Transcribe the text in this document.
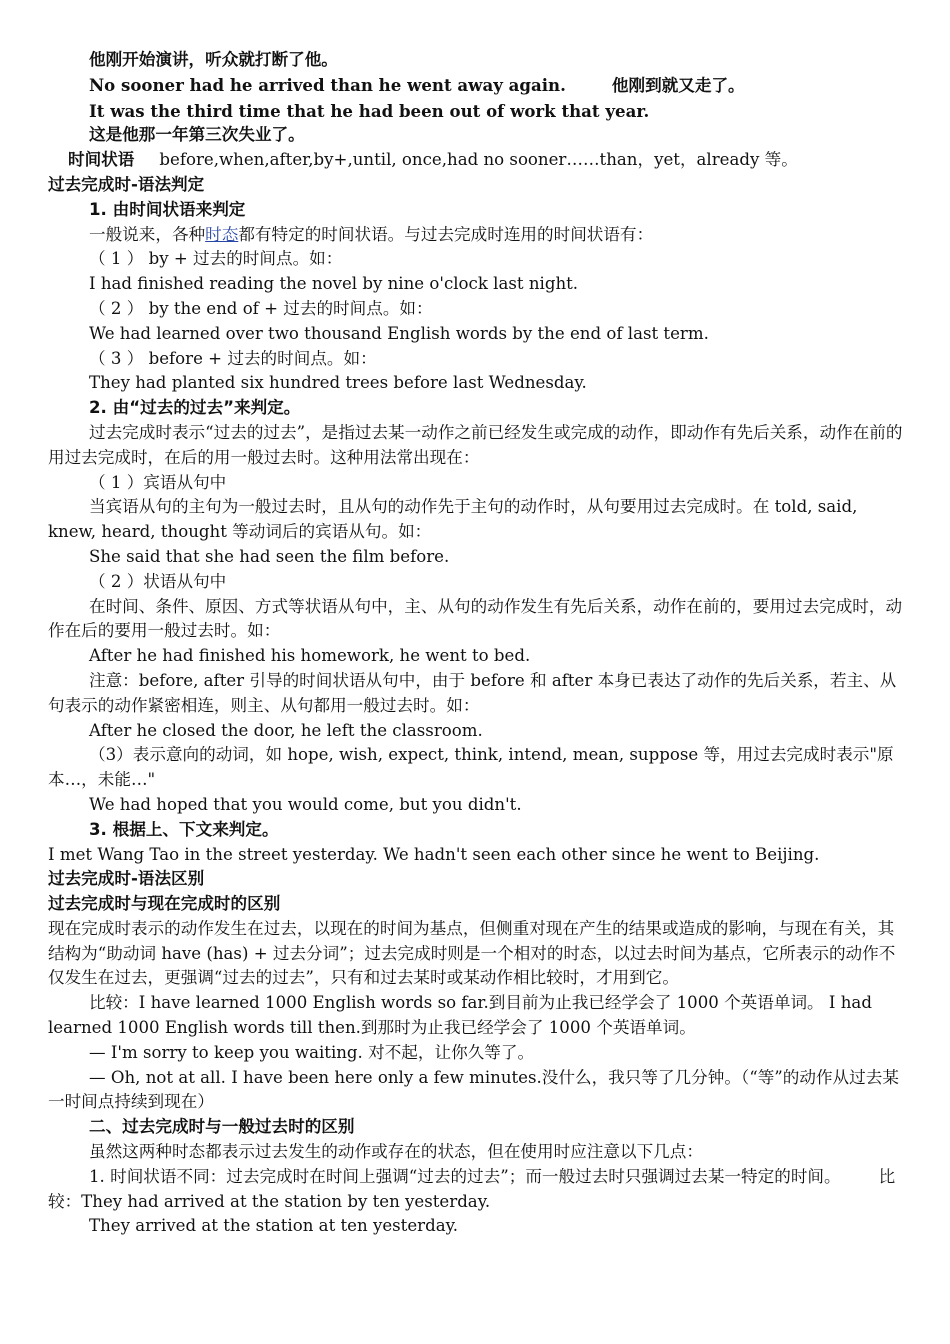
他刚开始演讲，听众就打断了他。

No sooner had he arrived than he went away again.	他刚到就又走了。

It was the third time that he had been out of work that year.

这是他那一年第三次失业了。

时间状语 before,when,after,by+,until, once,had no sooner……than，yet，already 等。

过去完成时-语法判定

1. 由时间状语来判定

一般说来，各种时态都有特定的时间状语。与过去完成时连用的时间状语有：

（ 1 ） by + 过去的时间点。如：

I had finished reading the novel by nine o'clock last night.

（ 2 ） by the end of + 过去的时间点。如：

We had learned over two thousand English words by the end of last term.

（ 3 ） before + 过去的时间点。如：

They had planted six hundred trees before last Wednesday.

2. 由“过去的过去”来判定。

过去完成时表示“过去的过去”，是指过去某一动作之前已经发生或完成的动作，即动作有先后关系，动作在前的用过去完成时，在后的用一般过去时。这种用法常出现在：

（ 1 ）宾语从句中

当宾语从句的主句为一般过去时，且从句的动作先于主句的动作时，从句要用过去完成时。在 told, said, knew, heard, thought 等动词后的宾语从句。如：

She said that she had seen the film before.

（ 2 ）状语从句中

在时间、条件、原因、方式等状语从句中，主、从句的动作发生有先后关系，动作在前的，要用过去完成时，动作在后的要用一般过去时。如：

After he had finished his homework, he went to bed.

注意：before, after 引导的时间状语从句中，由于 before 和 after 本身已表达了动作的先后关系，若主、从句表示的动作紧密相连，则主、从句都用一般过去时。如：

After he closed the door, he left the classroom.

（3）表示意向的动词，如 hope, wish, expect, think, intend, mean, suppose 等，用过去完成时表示"原本…，未能…"

We had hoped that you would come, but you didn't.

3. 根据上、下文来判定。

I met Wang Tao in the street yesterday. We hadn't seen each other since he went to Beijing.

过去完成时-语法区别

过去完成时与现在完成时的区别

现在完成时表示的动作发生在过去，以现在的时间为基点，但侧重对现在产生的结果或造成的影响，与现在有关，其结构为“助动词 have (has) + 过去分词”；过去完成时则是一个相对的时态，以过去时间为基点，它所表示的动作不仅发生在过去，更强调“过去的过去”，只有和过去某时或某动作相比较时，才用到它。

比较：I have learned 1000 English words so far.到目前为止我已经学会了 1000 个英语单词。 I had learned 1000 English words till then.到那时为止我已经学会了 1000 个英语单词。

— I'm sorry to keep you waiting. 对不起，让你久等了。

— Oh, not at all. I have been here only a few minutes.没什么，我只等了几分钟。（“等”的动作从过去某一时间点持续到现在）

二、过去完成时与一般过去时的区别

虽然这两种时态都表示过去发生的动作或存在的状态，但在使用时应注意以下几点：

1. 时间状语不同：过去完成时在时间上强调“过去的过去”；而一般过去时只强调过去某一特定的时间。 比较：They had arrived at the station by ten yesterday.

They arrived at the station at ten yesterday.
